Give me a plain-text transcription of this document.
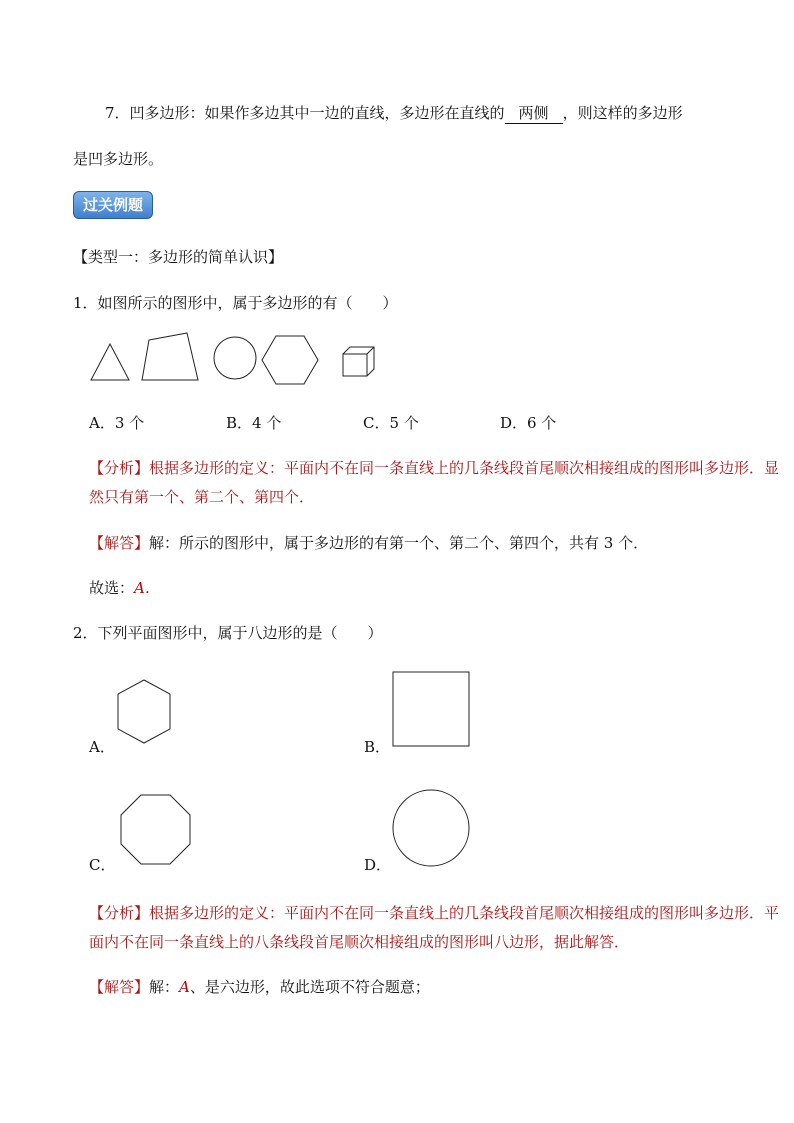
7．凹多边形：如果作多边其中一边的直线，多边形在直线的 两侧 ，则这样的多边形
是凹多边形。
过关例题
【类型一：多边形的简单认识】
1．如图所示的图形中，属于多边形的有（　　）
A．3 个	B．4 个	C．5 个	D．6 个
【分析】根据多边形的定义：平面内不在同一条直线上的几条线段首尾顺次相接组成的图形叫多边形．显
然只有第一个、第二个、第四个．
【解答】解：所示的图形中，属于多边形的有第一个、第二个、第四个，共有 3 个．
故选：A．
2．下列平面图形中，属于八边形的是（　　）
A．	B．
C．	D．
【分析】根据多边形的定义：平面内不在同一条直线上的几条线段首尾顺次相接组成的图形叫多边形．平
面内不在同一条直线上的八条线段首尾顺次相接组成的图形叫八边形，据此解答．
【解答】解：A、是六边形，故此选项不符合题意；
